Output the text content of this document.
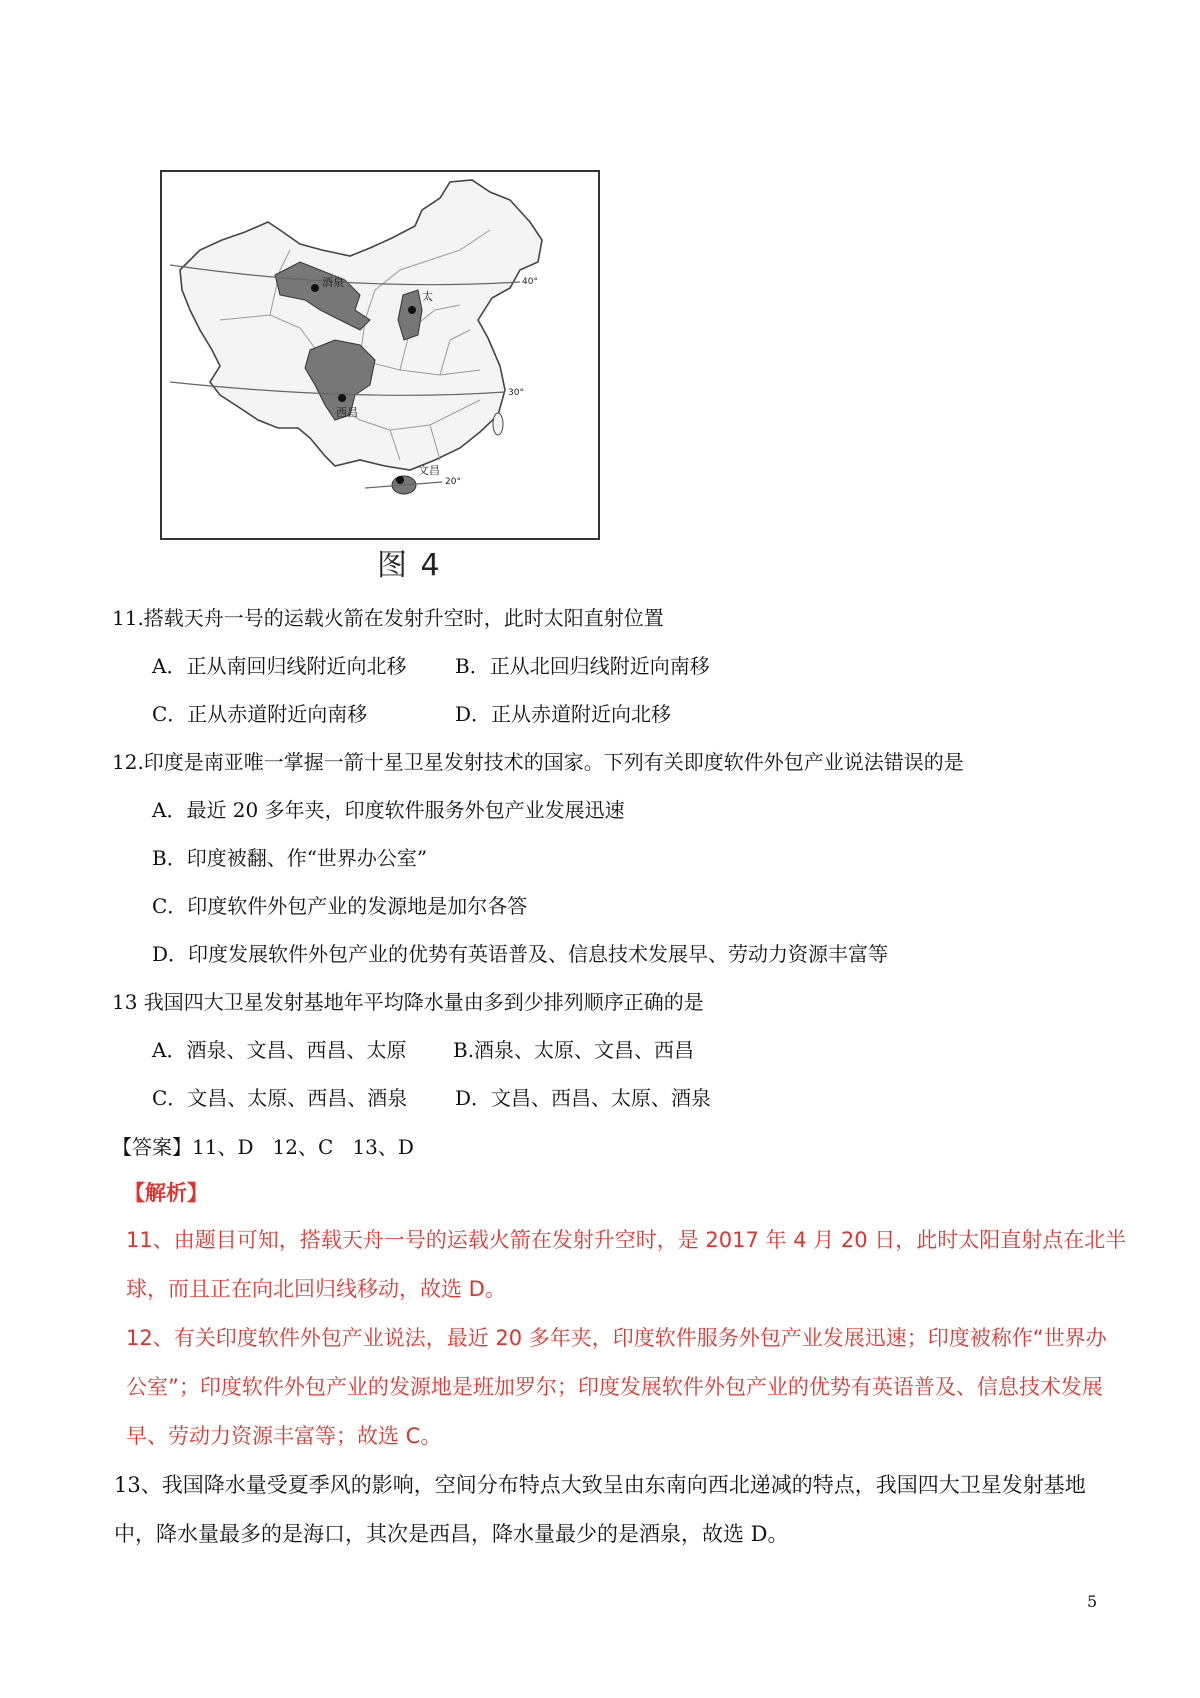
酒泉
太
西昌
文昌
40°
30°
20°
图 4
11.搭载天舟一号的运载火箭在发射升空时，此时太阳直射位置
A．正从南回归线附近向北移 B．正从北回归线附近向南移
C．正从赤道附近向南移	D．正从赤道附近向北移
12.印度是南亚唯一掌握一箭十星卫星发射技术的国家。下列有关即度软件外包产业说法错误的是
A．最近 20 多年夹，印度软件服务外包产业发展迅速
B．印度被翻、作“世界办公室”
C．印度软件外包产业的发源地是加尔各答
D．印度发展软件外包产业的优势有英语普及、信息技术发展早、劳动力资源丰富等
13 我国四大卫星发射基地年平均降水量由多到少排列顺序正确的是
A．酒泉、文昌、西昌、太原 B.酒泉、太原、文昌、西昌
C．文昌、太原、西昌、酒泉 D．文昌、西昌、太原、酒泉
【答案】11、D   12、C   13、D
【解析】
11、由题目可知，搭载天舟一号的运载火箭在发射升空时，是 2017 年 4 月 20 日，此时太阳直射点在北半
球，而且正在向北回归线移动，故选 D。
12、有关印度软件外包产业说法，最近 20 多年夹，印度软件服务外包产业发展迅速；印度被称作“世界办
公室”；印度软件外包产业的发源地是班加罗尔；印度发展软件外包产业的优势有英语普及、信息技术发展
早、劳动力资源丰富等；故选 C。
13、我国降水量受夏季风的影响，空间分布特点大致呈由东南向西北递减的特点，我国四大卫星发射基地
中，降水量最多的是海口，其次是西昌，降水量最少的是酒泉，故选 D。
5
